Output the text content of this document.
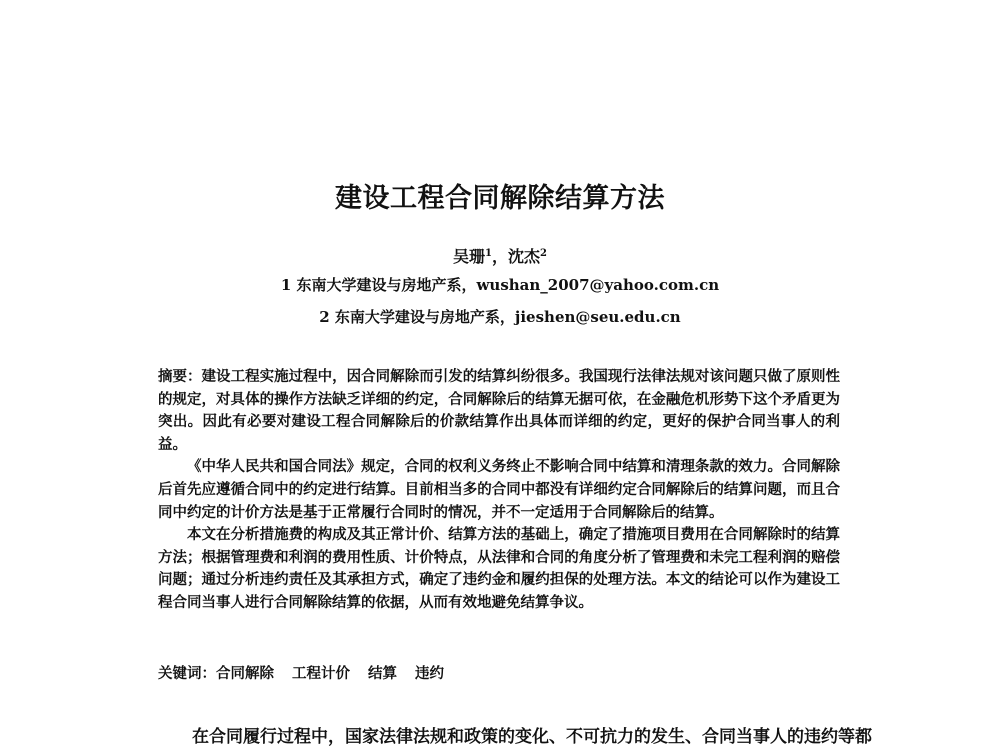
建设工程合同解除结算方法
吴珊$^1$，沈杰$^2$
1 东南大学建设与房地产系，wushan_2007@yahoo.com.cn
2 东南大学建设与房地产系，jieshen@seu.edu.cn

摘要：建设工程实施过程中，因合同解除而引发的结算纠纷很多。我国现行法律法规对该问题只做了原则性的规定，对具体的操作方法缺乏详细的约定，合同解除后的结算无据可依，在金融危机形势下这个矛盾更为突出。因此有必要对建设工程合同解除后的价款结算作出具体而详细的约定，更好的保护合同当事人的利益。

《中华人民共和国合同法》规定，合同的权利义务终止不影响合同中结算和清理条款的效力。合同解除后首先应遵循合同中的约定进行结算。目前相当多的合同中都没有详细约定合同解除后的结算问题，而且合同中约定的计价方法是基于正常履行合同时的情况，并不一定适用于合同解除后的结算。

本文在分析措施费的构成及其正常计价、结算方法的基础上，确定了措施项目费用在合同解除时的结算方法；根据管理费和利润的费用性质、计价特点，从法律和合同的角度分析了管理费和未完工程利润的赔偿问题；通过分析违约责任及其承担方式，确定了违约金和履约担保的处理方法。本文的结论可以作为建设工程合同当事人进行合同解除结算的依据，从而有效地避免结算争议。

关键词：合同解除 工程计价 结算 违约
在合同履行过程中，国家法律法规和政策的变化、不可抗力的发生、合同当事人的违约等都
